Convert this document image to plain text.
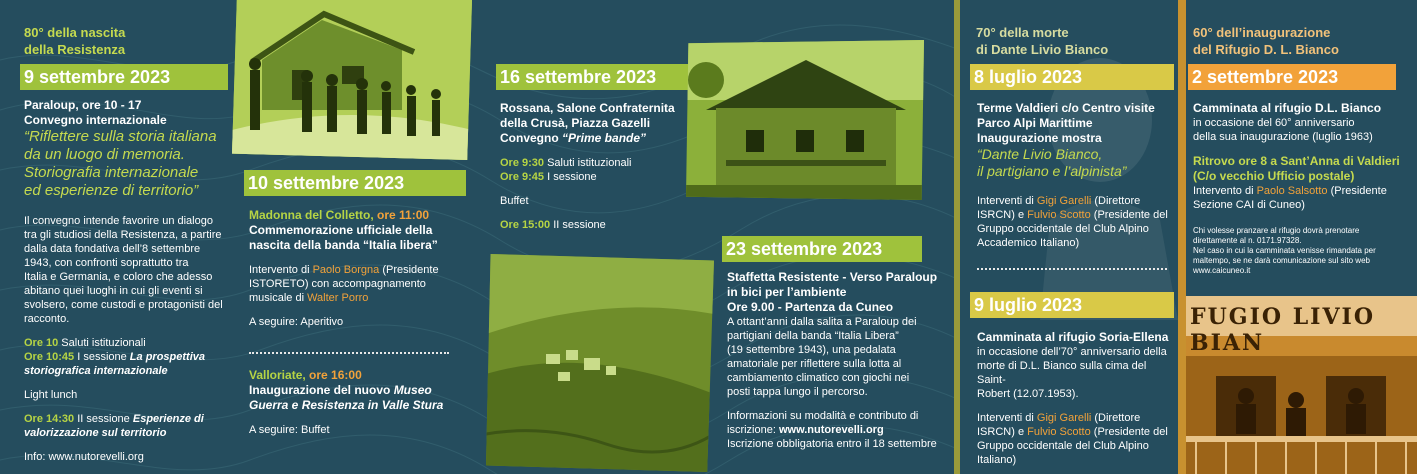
80° della nascita

della Resistenza

9 settembre 2023

Paraloup, ore 10 - 17

Convegno internazionale

“Riflettere sulla storia italiana

da un luogo di memoria.

Storiografia internazionale

ed esperienze di territorio”

Il convegno intende favorire un dialogo

tra gli studiosi della Resistenza, a partire

dalla data fondativa dell’8 settembre

1943, con confronti soprattutto tra

Italia e Germania, e coloro che adesso

abitano quei luoghi in cui gli eventi si

svolsero, come custodi e protagonisti del

racconto.

Ore 10 Saluti istituzionali

Ore 10:45 I sessione La prospettiva

storiografica internazionale

Light lunch

Ore 14:30 II sessione Esperienze di

valorizzazione sul territorio

Info: www.nutorevelli.org

10 settembre 2023

Madonna del Colletto, ore 11:00

Commemorazione ufficiale della

nascita della banda “Italia libera”

Intervento di Paolo Borgna (Presidente

ISTORETO) con accompagnamento

musicale di Walter Porro

A seguire: Aperitivo

Valloriate, ore 16:00

Inaugurazione del nuovo Museo

Guerra e Resistenza in Valle Stura

A seguire: Buffet

16 settembre 2023

Rossana, Salone Confraternita

della Crusà, Piazza Gazelli

Convegno “Prime bande”

Ore 9:30 Saluti istituzionali

Ore 9:45 I sessione

Buffet

Ore 15:00 II sessione

23 settembre 2023

Staffetta Resistente - Verso Paraloup

in bici per l’ambiente

Ore 9.00 - Partenza da Cuneo

A ottant’anni dalla salita a Paraloup dei

partigiani della banda “Italia Libera”

(19 settembre 1943), una pedalata

amatoriale per riflettere sulla lotta al

cambiamento climatico con giochi nei

posti tappa lungo il percorso.

Informazioni su modalità e contributo di

iscrizione: www.nutorevelli.org

Iscrizione obbligatoria entro il 18 settembre

70° della morte

di Dante Livio Bianco

8 luglio 2023

Terme Valdieri c/o Centro visite

Parco Alpi Marittime

Inaugurazione mostra

“Dante Livio Bianco,

il partigiano e l’alpinista”

Interventi di Gigi Garelli (Direttore

ISRCN) e Fulvio Scotto (Presidente del

Gruppo occidentale del Club Alpino

Accademico Italiano)

9 luglio 2023

Camminata al rifugio Soria-Ellena

in occasione dell’70° anniversario della

morte di D.L. Bianco sulla cima del Saint-

Robert (12.07.1953).

Interventi di Gigi Garelli (Direttore

ISRCN) e Fulvio Scotto (Presidente del

Gruppo occidentale del Club Alpino

Italiano)

60° dell’inaugurazione

del Rifugio D. L. Bianco

2 settembre 2023

Camminata al rifugio D.L. Bianco

in occasione del 60° anniversario

della sua inaugurazione (luglio 1963)

Ritrovo ore 8 a Sant’Anna di Valdieri

(C/o vecchio Ufficio postale)

Intervento di Paolo Salsotto (Presidente

Sezione CAI di Cuneo)

Chi volesse pranzare al rifugio dovrà prenotare

direttamente al n. 0171.97328.

Nel caso in cui la camminata venisse rimandata per

maltempo, se ne darà comunicazione sul sito web

www.caicuneo.it

FUGIO LIVIO BIAN
